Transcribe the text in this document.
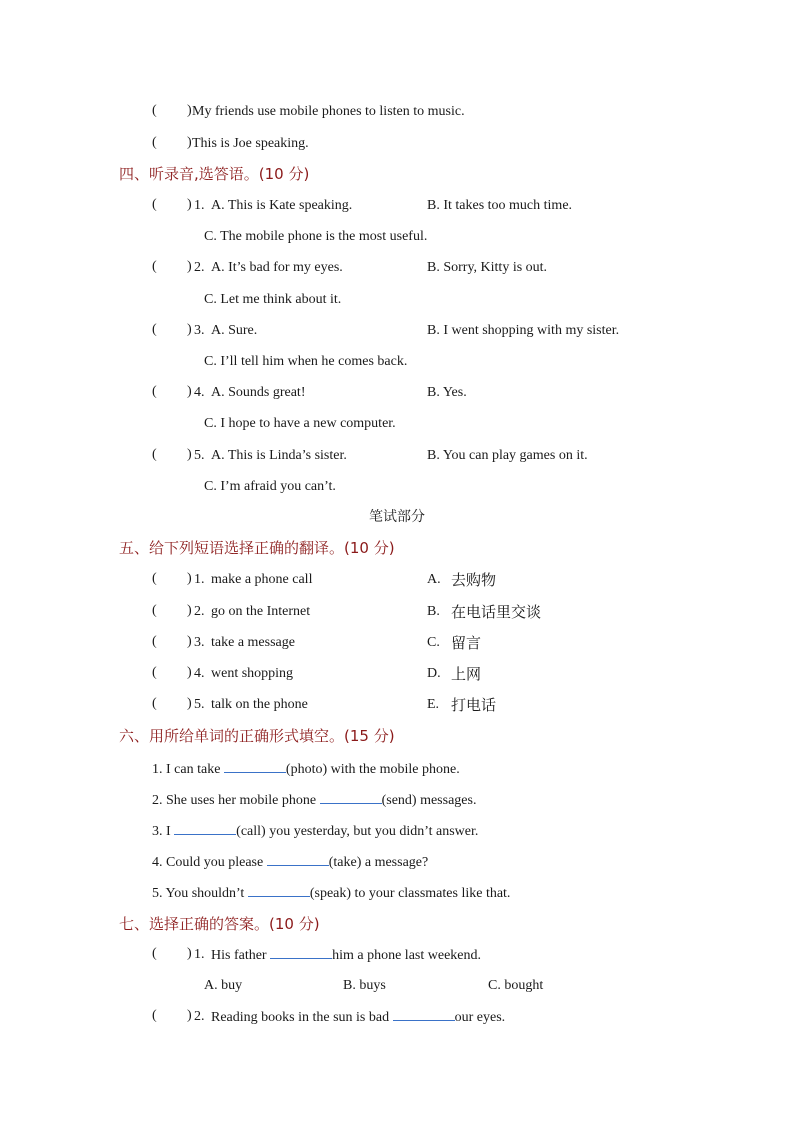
( ) My friends use mobile phones to listen to music.
( ) This is Joe speaking.
四、听录音,选答语。(10 分)
( ) 1. A. This is Kate speaking.	B. It takes too much time.
C. The mobile phone is the most useful.
( ) 2. A. It’s bad for my eyes.	B. Sorry, Kitty is out.
C. Let me think about it.
( ) 3. A. Sure.	B. I went shopping with my sister.
C. I’ll tell him when he comes back.
( ) 4. A. Sounds great!	B. Yes.
C. I hope to have a new computer.
( ) 5. A. This is Linda’s sister.	B. You can play games on it.
C. I’m afraid you can’t.
笔试部分
五、给下列短语选择正确的翻译。(10 分)
( ) 1. make a phone call	A. 去购物
( ) 2. go on the Internet	B. 在电话里交谈
( ) 3. take a message	C. 留言
( ) 4. went shopping	D. 上网
( ) 5. talk on the phone	E. 打电话
六、用所给单词的正确形式填空。(15 分)
1. I can take	(photo) with the mobile phone.
2. She uses her mobile phone	(send) messages.
3. I	(call) you yesterday, but you didn’t answer.
4. Could you please	(take) a message?
5. You shouldn’t	(speak) to your classmates like that.
七、选择正确的答案。(10 分)
( ) 1. His father	him a phone last weekend.
A. buy	B. buys	C. bought
( ) 2. Reading books in the sun is bad	our eyes.
